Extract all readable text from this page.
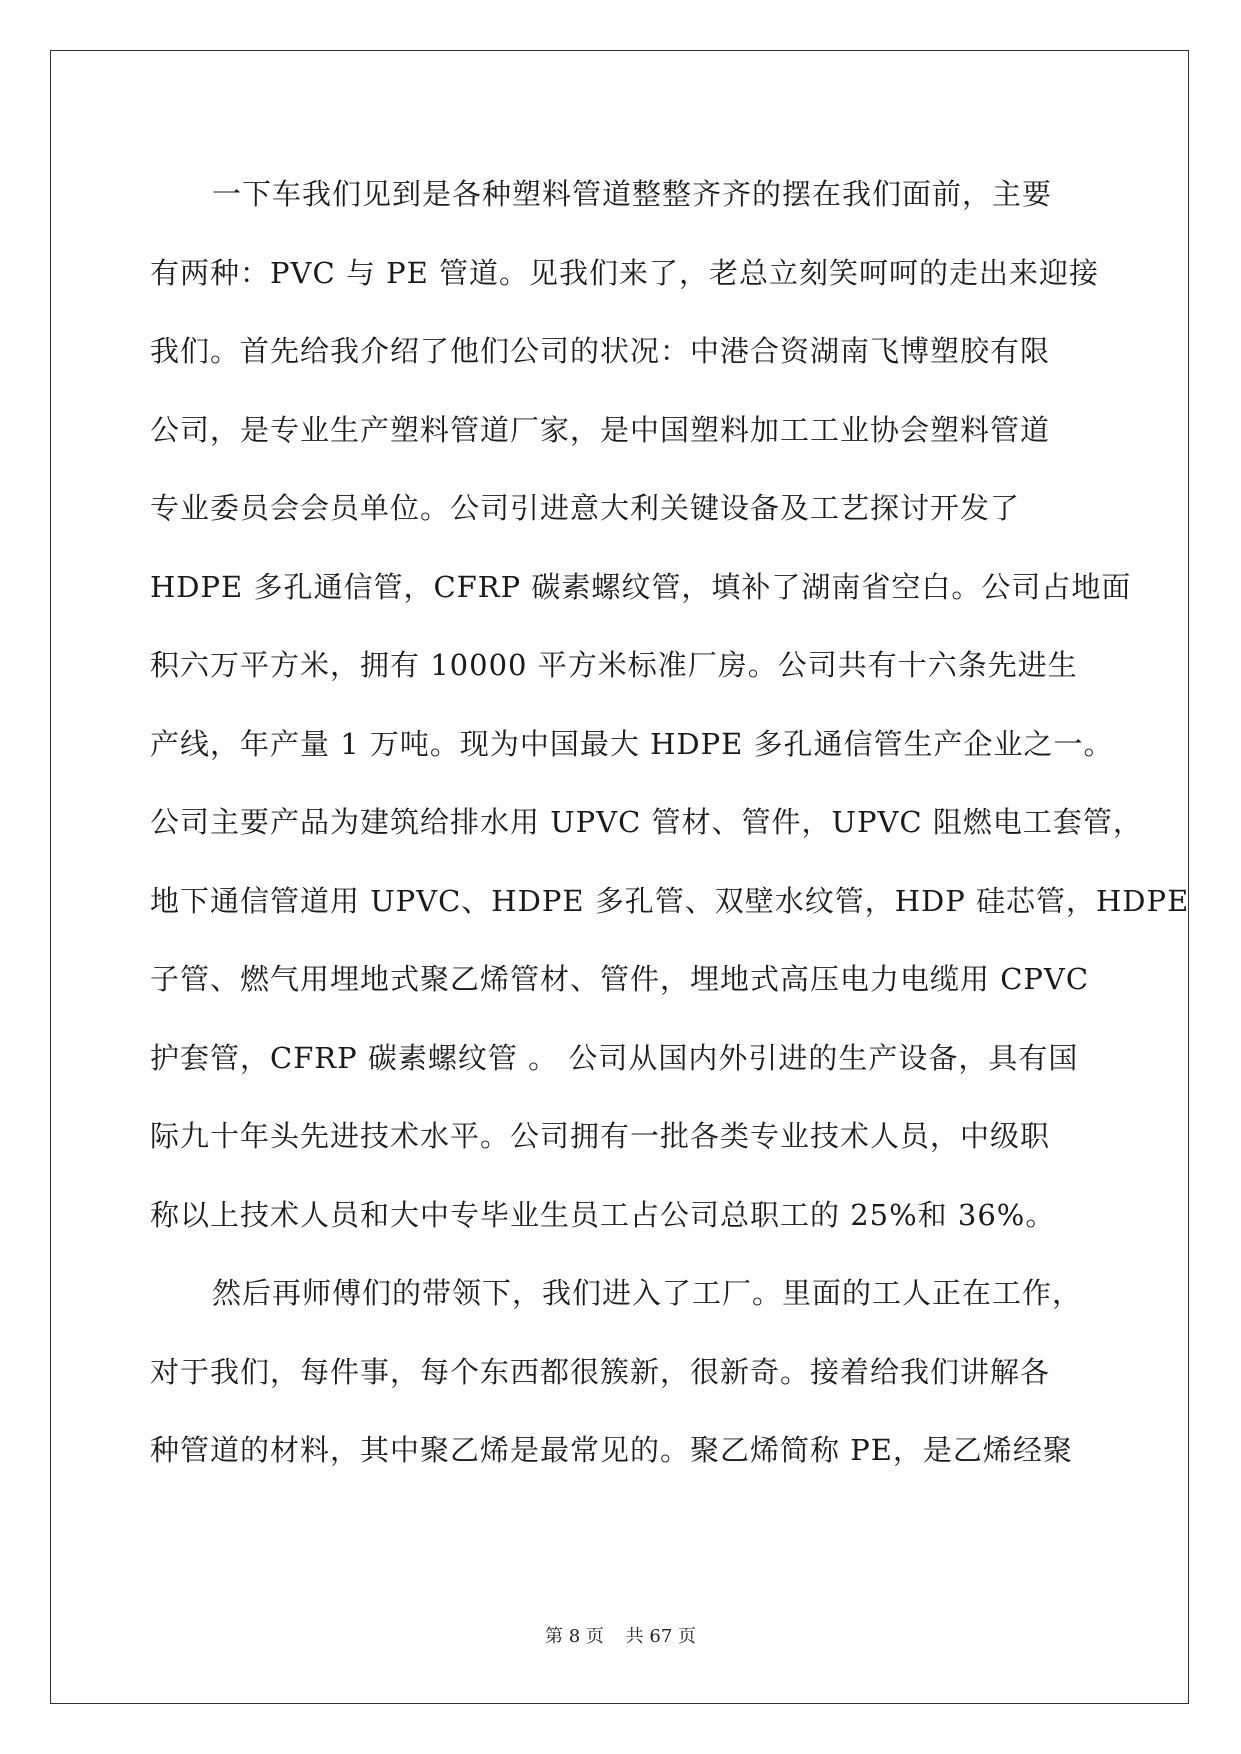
一下车我们见到是各种塑料管道整整齐齐的摆在我们面前，主要
有两种：PVC 与 PE 管道。见我们来了，老总立刻笑呵呵的走出来迎接
我们。首先给我介绍了他们公司的状况：中港合资湖南飞博塑胶有限
公司，是专业生产塑料管道厂家，是中国塑料加工工业协会塑料管道
专业委员会会员单位。公司引进意大利关键设备及工艺探讨开发了
HDPE 多孔通信管，CFRP 碳素螺纹管，填补了湖南省空白。公司占地面
积六万平方米，拥有 10000 平方米标准厂房。公司共有十六条先进生
产线，年产量 1 万吨。现为中国最大 HDPE 多孔通信管生产企业之一。
公司主要产品为建筑给排水用 UPVC 管材、管件，UPVC 阻燃电工套管，
地下通信管道用 UPVC、HDPE 多孔管、双壁水纹管，HDP 硅芯管，HDPE
子管、燃气用埋地式聚乙烯管材、管件，埋地式高压电力电缆用 CPVC
护套管，CFRP 碳素螺纹管 。 公司从国内外引进的生产设备，具有国
际九十年头先进技术水平。公司拥有一批各类专业技术人员，中级职
称以上技术人员和大中专毕业生员工占公司总职工的 25%和 36%。
然后再师傅们的带领下，我们进入了工厂。里面的工人正在工作，
对于我们，每件事，每个东西都很簇新，很新奇。接着给我们讲解各
种管道的材料，其中聚乙烯是最常见的。聚乙烯简称 PE，是乙烯经聚
第 8 页 共 67 页
